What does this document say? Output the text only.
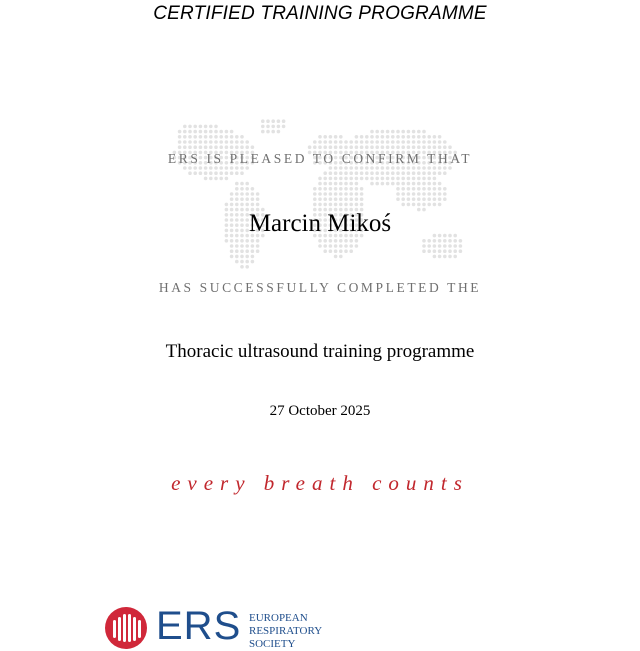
CERTIFIED TRAINING PROGRAMME
ERS IS PLEASED TO CONFIRM THAT
Marcin Mikoś
HAS SUCCESSFULLY COMPLETED THE
Thoracic ultrasound training programme
27 October 2025
every breath counts
ERS EUROPEAN
RESPIRATORY
SOCIETY
